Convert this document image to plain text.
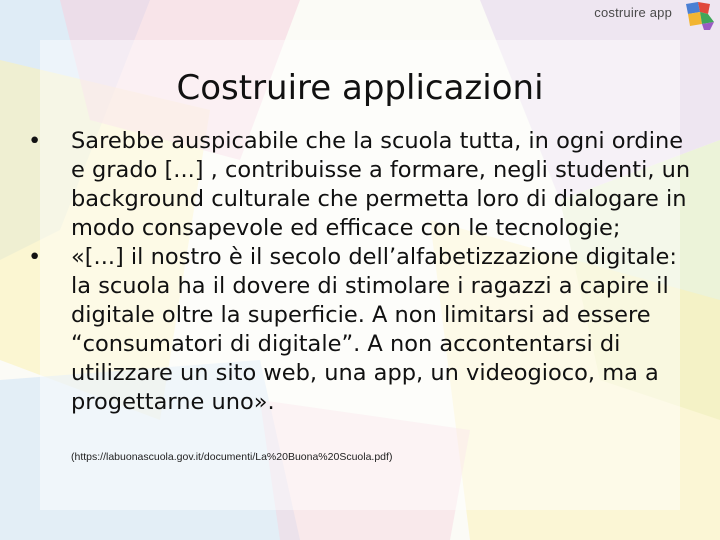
costruire app
Costruire applicazioni
• Sarebbe auspicabile che la scuola tutta, in ogni ordine e grado [...] , contribuisse a formare, negli studenti, un background culturale che permetta loro di dialogare in modo consapevole ed efficace con le tecnologie;
• «[...] il nostro è il secolo dell’alfabetizzazione digitale: la scuola ha il dovere di stimolare i ragazzi a capire il digitale oltre la superficie. A non limitarsi ad essere “consumatori di digitale”. A non accontentarsi di utilizzare un sito web, una app, un videogioco, ma a progettarne uno».
(https://labuonascuola.gov.it/documenti/La%20Buona%20Scuola.pdf)
